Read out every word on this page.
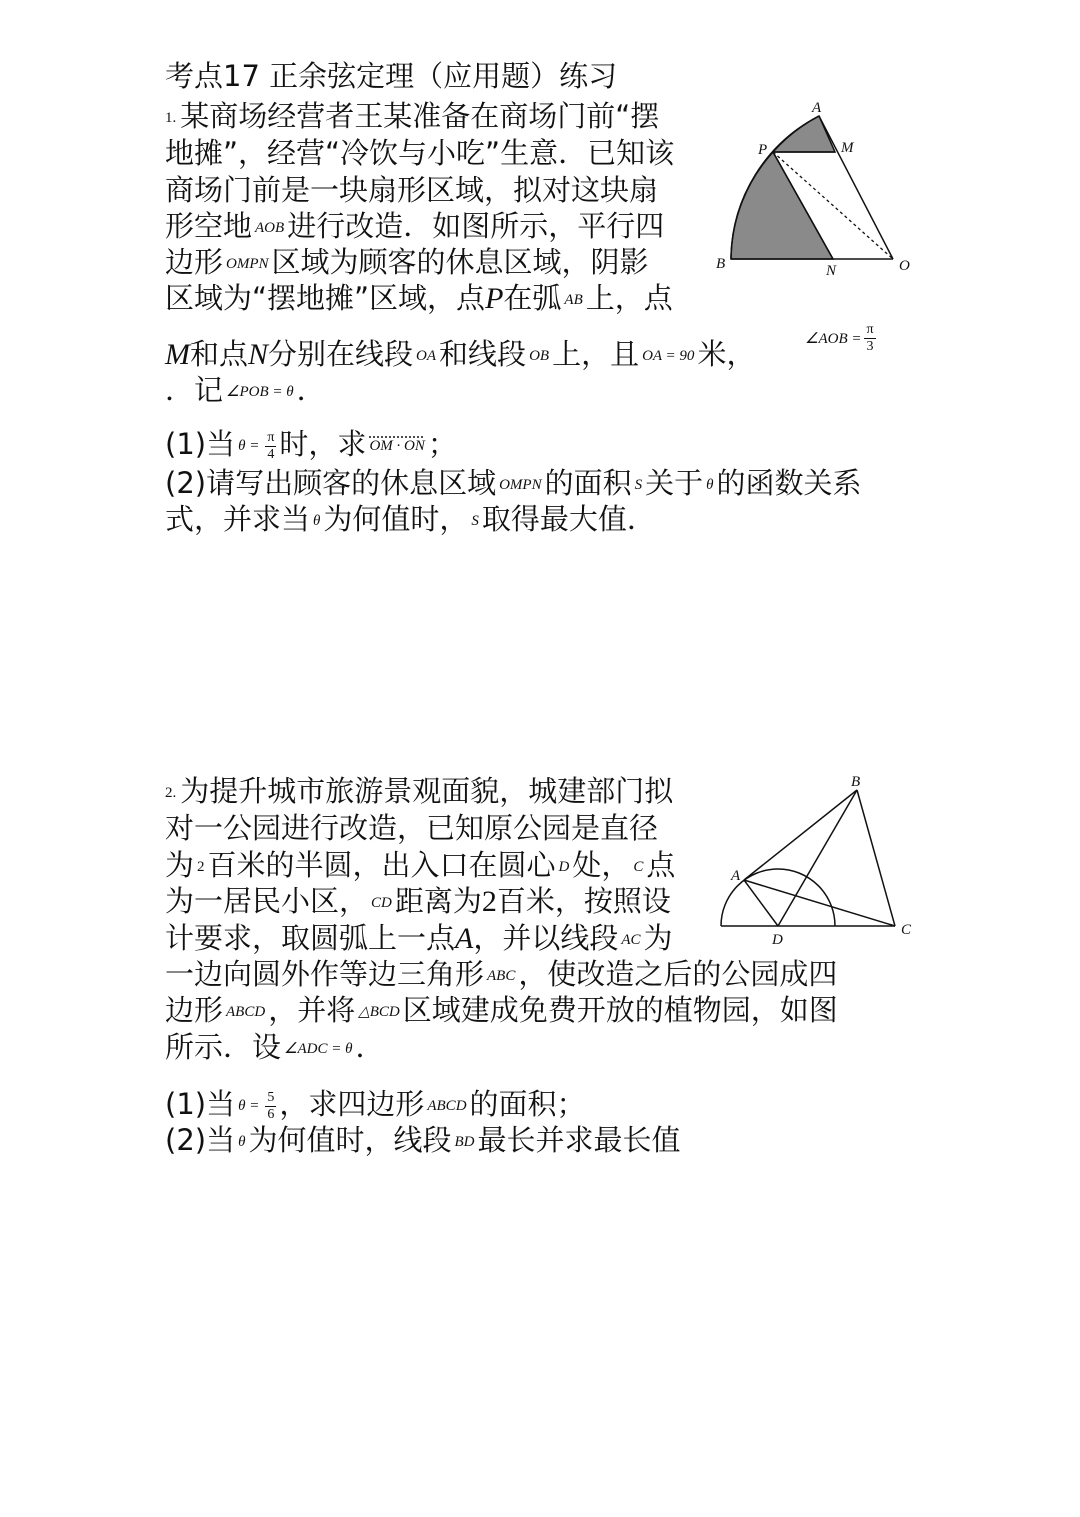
考点17 正余弦定理（应用题）练习
1. 某商场经营者王某准备在商场门前“摆
地摊”，经营“冷饮与小吃”生意．已知该
商场门前是一块扇形区域，拟对这块扇
形空地 AOB 进行改造．如图所示，平行四
边形 OMPN 区域为顾客的休息区域，阴影
区域为“摆地摊”区域，点P在弧 AB 上，点
M和点N分别在线段 OA 和线段 OB 上，且 OA = 90 米，	∠AOB = $\frac{\pi}{3}$
．记 ∠POB = θ ．
(1)当 $\theta = \frac{\pi}{4}$ 时，求 OM · ON ；
(2)请写出顾客的休息区域 OMPN 的面积 S 关于 θ 的函数关系
式，并求当 θ 为何值时， S 取得最大值．
A
P	M
B	N	O
2. 为提升城市旅游景观面貌，城建部门拟
对一公园进行改造，已知原公园是直径
为 2 百米的半圆，出入口在圆心 D 处， C 点
为一居民小区， CD 距离为2百米，按照设
计要求，取圆弧上一点A，并以线段 AC 为
一边向圆外作等边三角形 ABC ，使改造之后的公园成四
边形 ABCD ，并将 △BCD 区域建成免费开放的植物园，如图
所示．设 ∠ADC = θ ．
(1)当 $\theta = \frac{5}{6}$ ，求四边形 ABCD 的面积；
(2)当 θ 为何值时，线段 BD 最长并求最长值
B
A
C
D
